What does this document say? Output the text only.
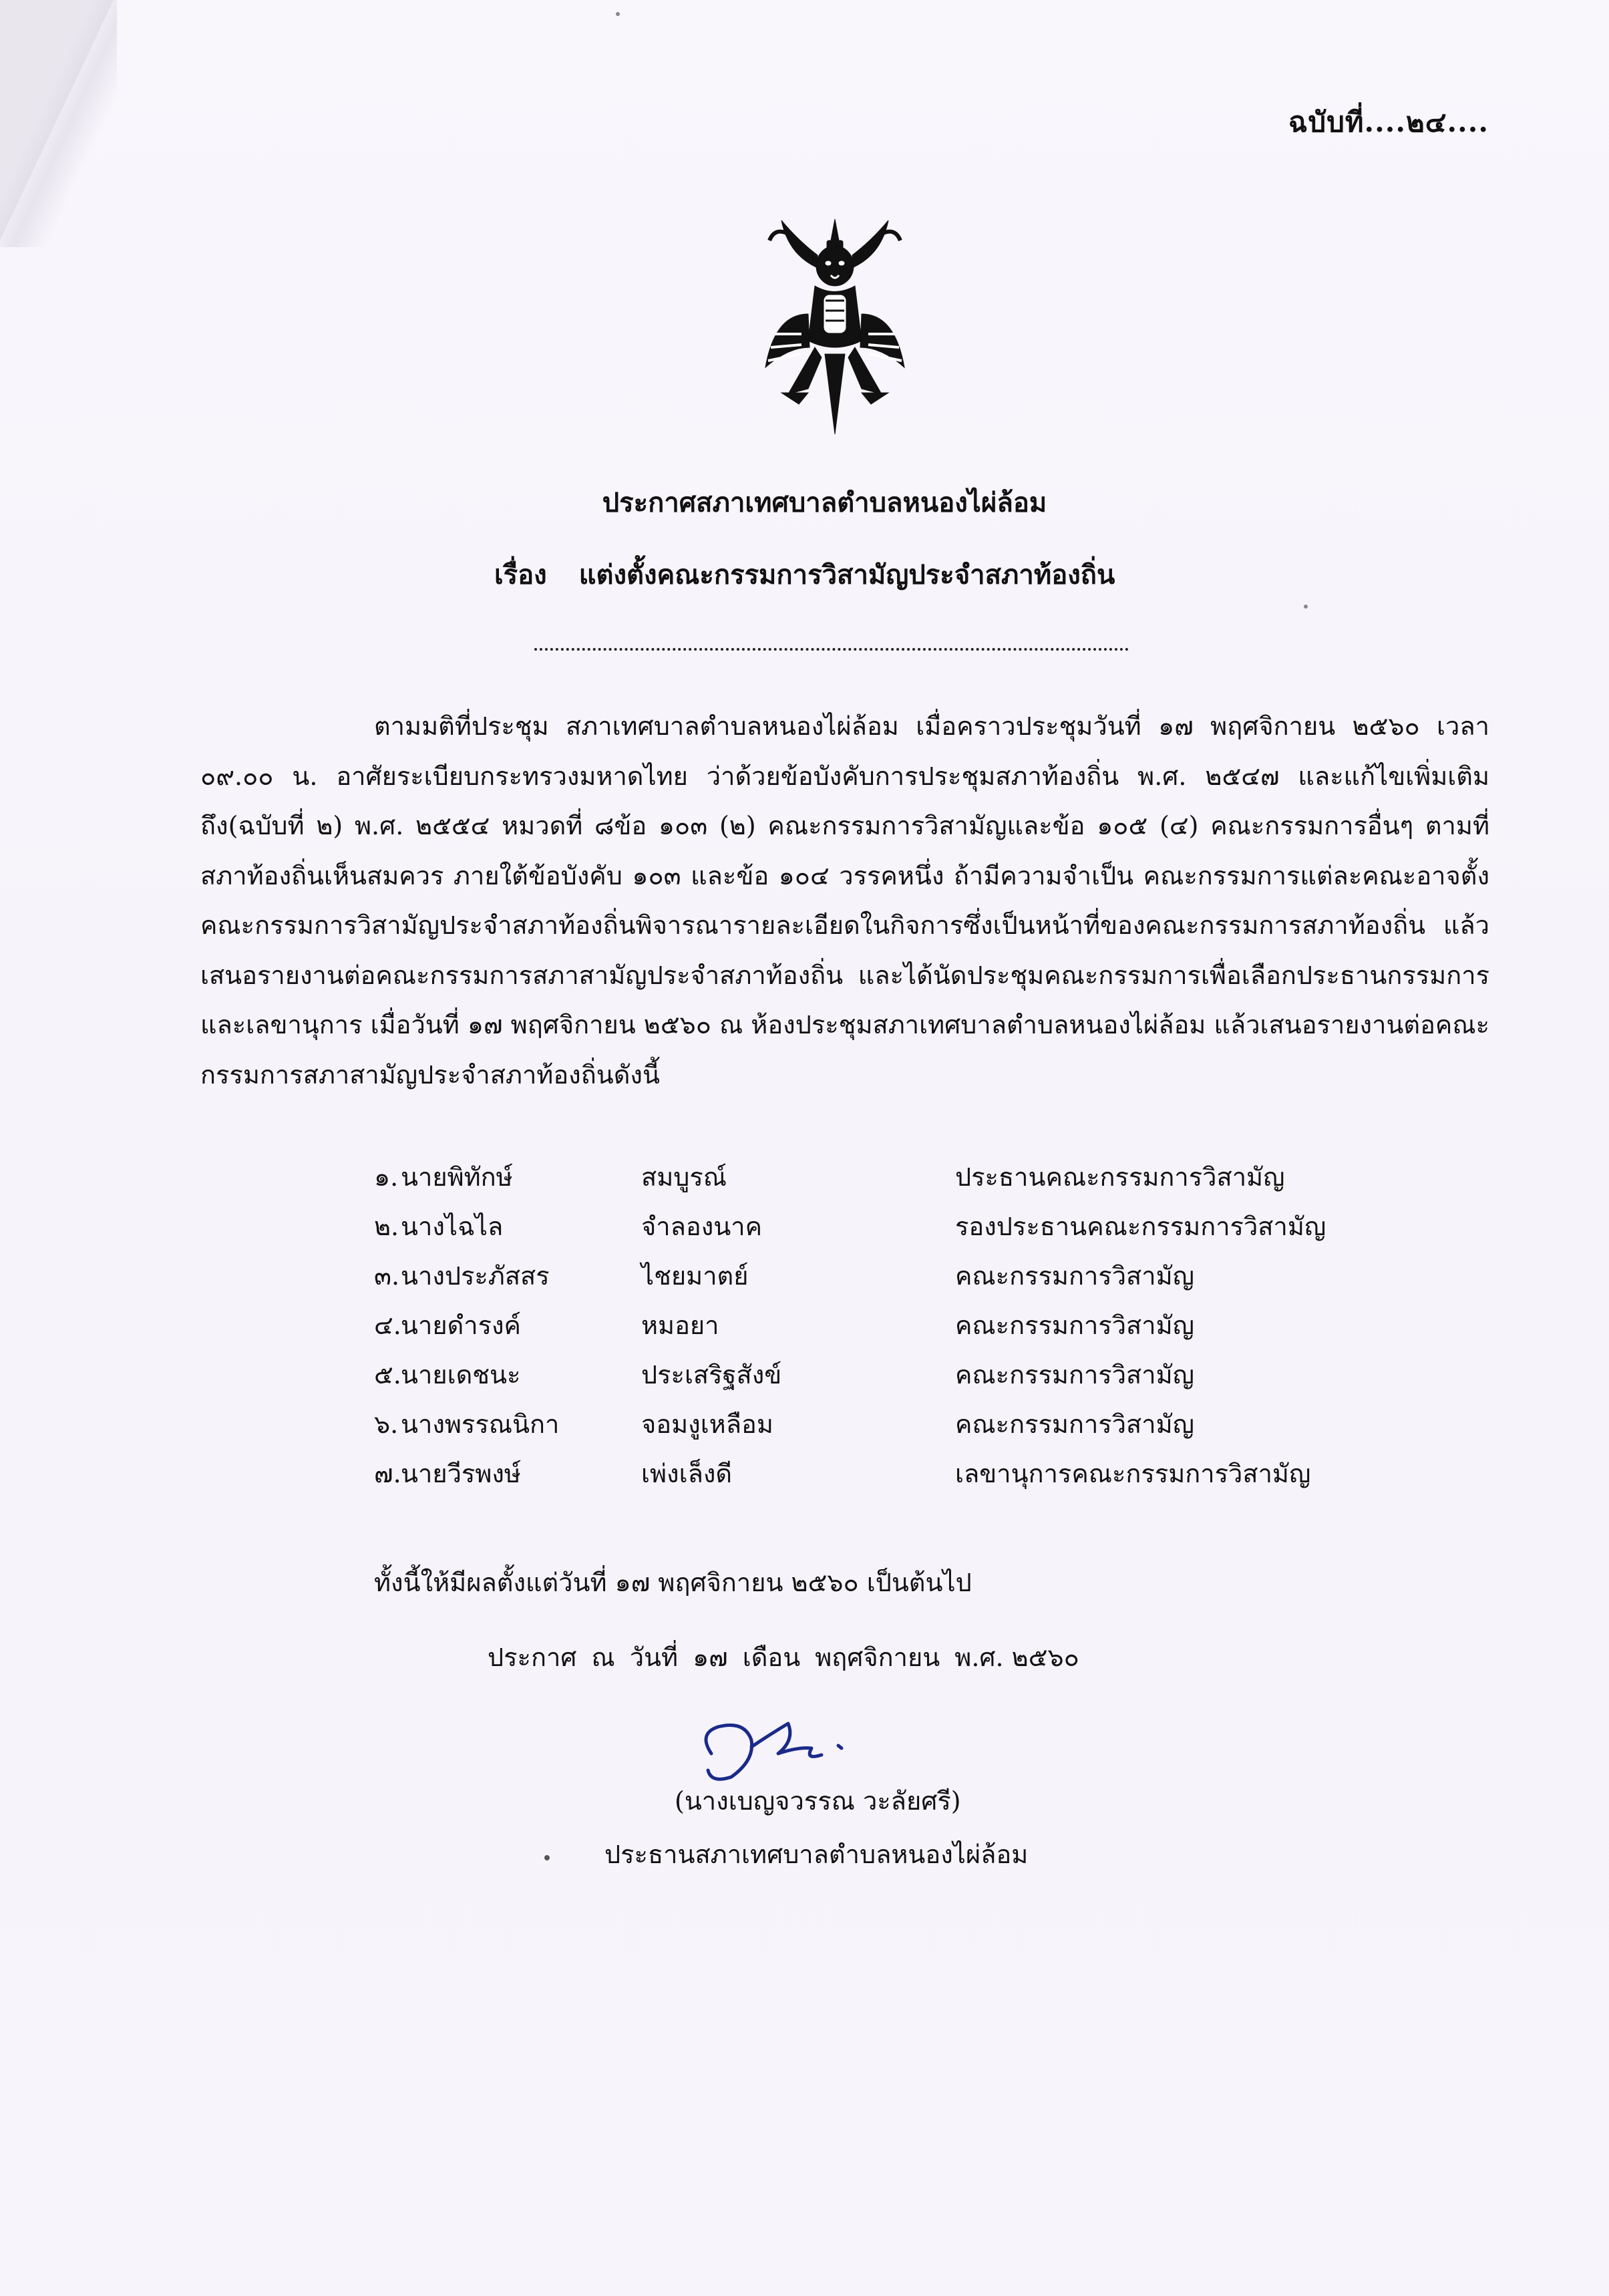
ฉบับที่....๒๔....
ประกาศสภาเทศบาลตำบลหนองไผ่ล้อม
เรื่อง แต่งตั้งคณะกรรมการวิสามัญประจำสภาท้องถิ่น
ตามมติที่ประชุม สภาเทศบาลตำบลหนองไผ่ล้อม เมื่อคราวประชุมวันที่ ๑๗ พฤศจิกายน ๒๕๖๐ เวลา ๐๙.๐๐ น. อาศัยระเบียบกระทรวงมหาดไทย ว่าด้วยข้อบังคับการประชุมสภาท้องถิ่น พ.ศ. ๒๕๔๗ และแก้ไขเพิ่มเติมถึง(ฉบับที่ ๒) พ.ศ. ๒๕๕๔ หมวดที่ ๘ข้อ ๑๐๓ (๒) คณะกรรมการวิสามัญและข้อ ๑๐๕ (๔) คณะกรรมการอื่นๆ ตามที่สภาท้องถิ่นเห็นสมควร ภายใต้ข้อบังคับ ๑๐๓ และข้อ ๑๐๔ วรรคหนึ่ง ถ้ามีความจำเป็น คณะกรรมการแต่ละคณะอาจตั้งคณะกรรมการวิสามัญประจำสภาท้องถิ่นพิจารณารายละเอียดในกิจการซึ่งเป็นหน้าที่ของคณะกรรมการสภาท้องถิ่น แล้วเสนอรายงานต่อคณะกรรมการสภาสามัญประจำสภาท้องถิ่น และได้นัดประชุมคณะกรรมการเพื่อเลือกประธานกรรมการและเลขานุการ เมื่อวันที่ ๑๗ พฤศจิกายน ๒๕๖๐ ณ ห้องประชุมสภาเทศบาลตำบลหนองไผ่ล้อม แล้วเสนอรายงานต่อคณะกรรมการสภาสามัญประจำสภาท้องถิ่นดังนี้
๑. นายพิทักษ์	สมบูรณ์	ประธานคณะกรรมการวิสามัญ
๒. นางไฉไล	จำลองนาค	รองประธานคณะกรรมการวิสามัญ
๓. นางประภัสสร	ไชยมาตย์	คณะกรรมการวิสามัญ
๔. นายดำรงค์	หมอยา	คณะกรรมการวิสามัญ
๕. นายเดชนะ	ประเสริฐสังข์	คณะกรรมการวิสามัญ
๖. นางพรรณนิกา	จอมงูเหลือม	คณะกรรมการวิสามัญ
๗. นายวีรพงษ์	เพ่งเล็งดี	เลขานุการคณะกรรมการวิสามัญ
ทั้งนี้ให้มีผลตั้งแต่วันที่ ๑๗ พฤศจิกายน ๒๕๖๐ เป็นต้นไป
ประกาศ ณ วันที่ ๑๗ เดือน พฤศจิกายน พ.ศ. ๒๕๖๐
(นางเบญจวรรณ วะลัยศรี)
ประธานสภาเทศบาลตำบลหนองไผ่ล้อม
